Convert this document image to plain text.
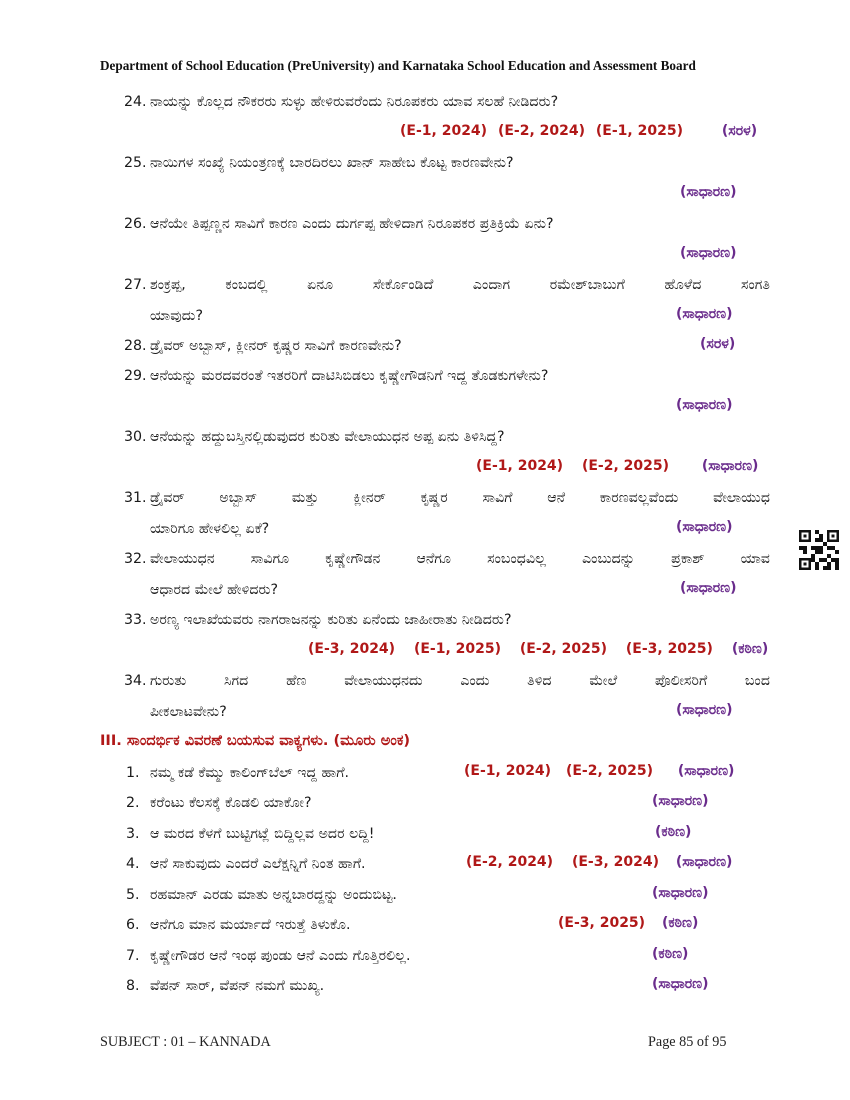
Department of School Education (PreUniversity) and Karnataka School Education and Assessment Board
24. ನಾಯನ್ನು ಕೊಲ್ಲದ ನೌಕರರು ಸುಳ್ಳು ಹೇಳಿರುವರೆಂದು ನಿರೂಪಕರು ಯಾವ ಸಲಹೆ ನೀಡಿದರು?
(E-1, 2024) (E-2, 2024) (E-1, 2025)	(ಸರಳ)
25. ನಾಯಿಗಳ ಸಂಖ್ಯೆ ನಿಯಂತ್ರಣಕ್ಕೆ ಬಾರದಿರಲು ಖಾನ್ ಸಾಹೇಬ ಕೊಟ್ಟ ಕಾರಣವೇನು?
(ಸಾಧಾರಣ)
26. ಆನೆಯೇ ತಿಪ್ಪಣ್ಣನ ಸಾವಿಗೆ ಕಾರಣ ಎಂದು ದುರ್ಗಪ್ಪ ಹೇಳಿದಾಗ ನಿರೂಪಕರ ಪ್ರತಿಕ್ರಿಯೆ ಏನು?
(ಸಾಧಾರಣ)
27. ಶಂಕ್ರಪ್ಪ, ಕಂಬದಲ್ಲಿ ಏನೂ ಸೇರ್ಕೊಂಡಿದೆ ಎಂದಾಗ ರಮೇಶ್‌ಬಾಬುಗೆ ಹೊಳೆದ ಸಂಗತಿ
ಯಾವುದು?	(ಸಾಧಾರಣ)
28. ಡ್ರೈವರ್ ಅಬ್ಬಾಸ್, ಕ್ಲೀನರ್ ಕೃಷ್ಣರ ಸಾವಿಗೆ ಕಾರಣವೇನು?	(ಸರಳ)
29. ಆನೆಯನ್ನು ಮರದವರಂತೆ ಇತರರಿಗೆ ದಾಟಿಸಿಬಿಡಲು ಕೃಷ್ಣೇಗೌಡನಿಗೆ ಇದ್ದ ತೊಡಕುಗಳೇನು?
(ಸಾಧಾರಣ)
30. ಆನೆಯನ್ನು ಹದ್ದುಬಸ್ತಿನಲ್ಲಿಡುವುದರ ಕುರಿತು ವೇಲಾಯುಧನ ಅಪ್ಪ ಏನು ತಿಳಿಸಿದ್ದ?
(E-1, 2024) (E-2, 2025) (ಸಾಧಾರಣ)
31. ಡ್ರೈವರ್ ಅಬ್ಬಾಸ್ ಮತ್ತು ಕ್ಲೀನರ್ ಕೃಷ್ಣರ ಸಾವಿಗೆ ಆನೆ ಕಾರಣವಲ್ಲವೆಂದು ವೇಲಾಯುಧ
ಯಾರಿಗೂ ಹೇಳಲಿಲ್ಲ ಏಕೆ?	(ಸಾಧಾರಣ)
32. ವೇಲಾಯುಧನ ಸಾವಿಗೂ ಕೃಷ್ಣೇಗೌಡನ ಆನೆಗೂ ಸಂಬಂಧವಿಲ್ಲ ಎಂಬುದನ್ನು ಪ್ರಕಾಶ್ ಯಾವ
ಆಧಾರದ ಮೇಲೆ ಹೇಳಿದರು?	(ಸಾಧಾರಣ)
33. ಅರಣ್ಯ ಇಲಾಖೆಯವರು ನಾಗರಾಜನನ್ನು ಕುರಿತು ಏನೆಂದು ಜಾಹೀರಾತು ನೀಡಿದರು?
(E-3, 2024) (E-1, 2025) (E-2, 2025) (E-3, 2025) (ಕಠಿಣ)
34. ಗುರುತು ಸಿಗದ ಹೆಣ ವೇಲಾಯುಧನದು ಎಂದು ತಿಳಿದ ಮೇಲೆ ಪೊಲೀಸರಿಗೆ ಬಂದ
ಪೀಕಲಾಟವೇನು?	(ಸಾಧಾರಣ)
III. ಸಾಂದರ್ಭಿಕ ವಿವರಣೆ ಬಯಸುವ ವಾಕ್ಯಗಳು. (ಮೂರು ಅಂಕ)
1. ನಮ್ಮ ಕಡೆ ಕೆಮ್ಮು ಕಾಲಿಂಗ್‌ಬೆಲ್ ಇದ್ದ ಹಾಗೆ.	(E-1, 2024) (E-2, 2025) (ಸಾಧಾರಣ)
2. ಕರೆಂಟು ಕೆಲಸಕ್ಕೆ ಕೊಡಲಿ ಯಾಕೋ?	(ಸಾಧಾರಣ)
3. ಆ ಮರದ ಕೆಳಗೆ ಬುಟ್ಟಿಗಟ್ಲೆ ಬಿದ್ದಿಲ್ಲವ ಅದರ ಲದ್ದಿ!	(ಕಠಿಣ)
4. ಆನೆ ಸಾಕುವುದು ಎಂದರೆ ಎಲೆಕ್ಷನ್ನಿಗೆ ನಿಂತ ಹಾಗೆ.	(E-2, 2024) (E-3, 2024) (ಸಾಧಾರಣ)
5. ರಹಮಾನ್ ಎರಡು ಮಾತು ಅನ್ನಬಾರದ್ದನ್ನು ಅಂದುಬಿಟ್ಟ.	(ಸಾಧಾರಣ)
6. ಆನೆಗೂ ಮಾನ ಮರ್ಯಾದೆ ಇರುತ್ತೆ ತಿಳುಕೊ.	(E-3, 2025) (ಕಠಿಣ)
7. ಕೃಷ್ಣೇಗೌಡರ ಆನೆ ಇಂಥ ಪುಂಡು ಆನೆ ಎಂದು ಗೊತ್ತಿರಲಿಲ್ಲ.	(ಕಠಿಣ)
8. ವೆಪನ್ ಸಾರ್, ವೆಪನ್ ನಮಗೆ ಮುಖ್ಯ.	(ಸಾಧಾರಣ)
SUBJECT : 01 – KANNADA	Page 85 of 95
